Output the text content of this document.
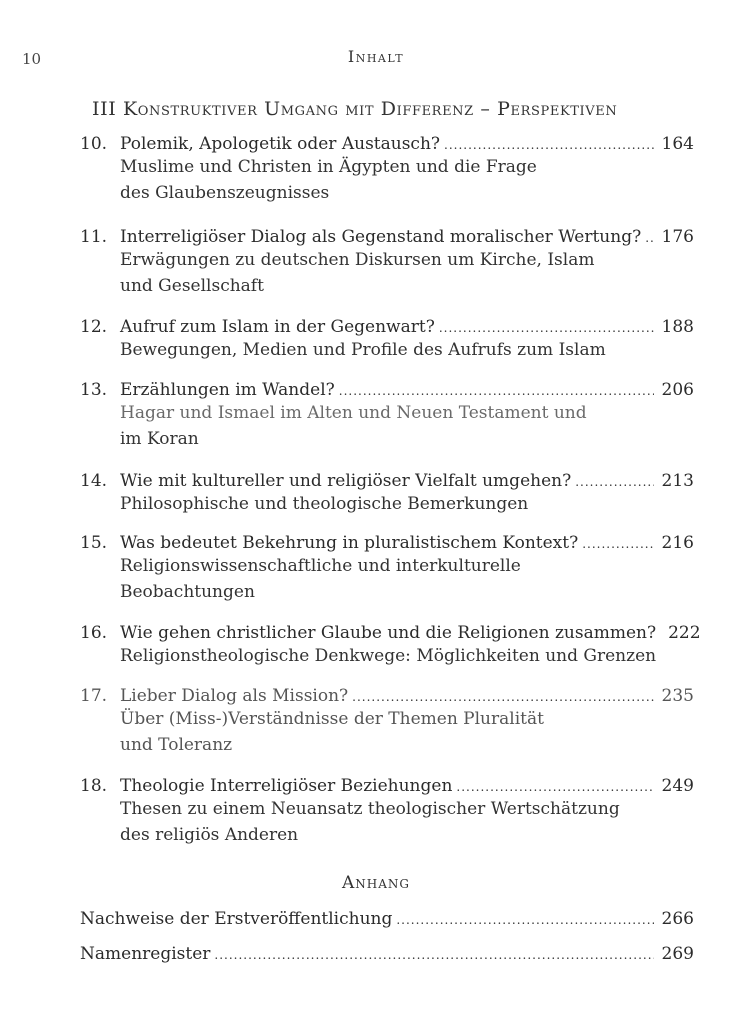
10	Inhalt
III Konstruktiver Umgang mit Differenz – Perspektiven
10. Polemik, Apologetik oder Austausch? .....	164
Muslime und Christen in Ägypten und die Frage
des Glaubenszeugnisses
11. Interreligiöser Dialog als Gegenstand moralischer Wertung? ..... 176
Erwägungen zu deutschen Diskursen um Kirche, Islam
und Gesellschaft
12. Aufruf zum Islam in der Gegenwart? .....	188
Bewegungen, Medien und Profile des Aufrufs zum Islam
13. Erzählungen im Wandel? .....	206
Hagar und Ismael im Alten und Neuen Testament und
im Koran
14. Wie mit kultureller und religiöser Vielfalt umgehen? .....	213
Philosophische und theologische Bemerkungen
15. Was bedeutet Bekehrung in pluralistischem Kontext? .....	216
Religionswissenschaftliche und interkulturelle
Beobachtungen
16. Wie gehen christlicher Glaube und die Religionen zusammen? 222
Religionstheologische Denkwege: Möglichkeiten und Grenzen
17. Lieber Dialog als Mission? .....	235
Über (Miss-)Verständnisse der Themen Pluralität
und Toleranz
18. Theologie Interreligiöser Beziehungen .....	249
Thesen zu einem Neuansatz theologischer Wertschätzung
des religiös Anderen
Anhang
Nachweise der Erstveröffentlichung .....	266
Namenregister .....	269
